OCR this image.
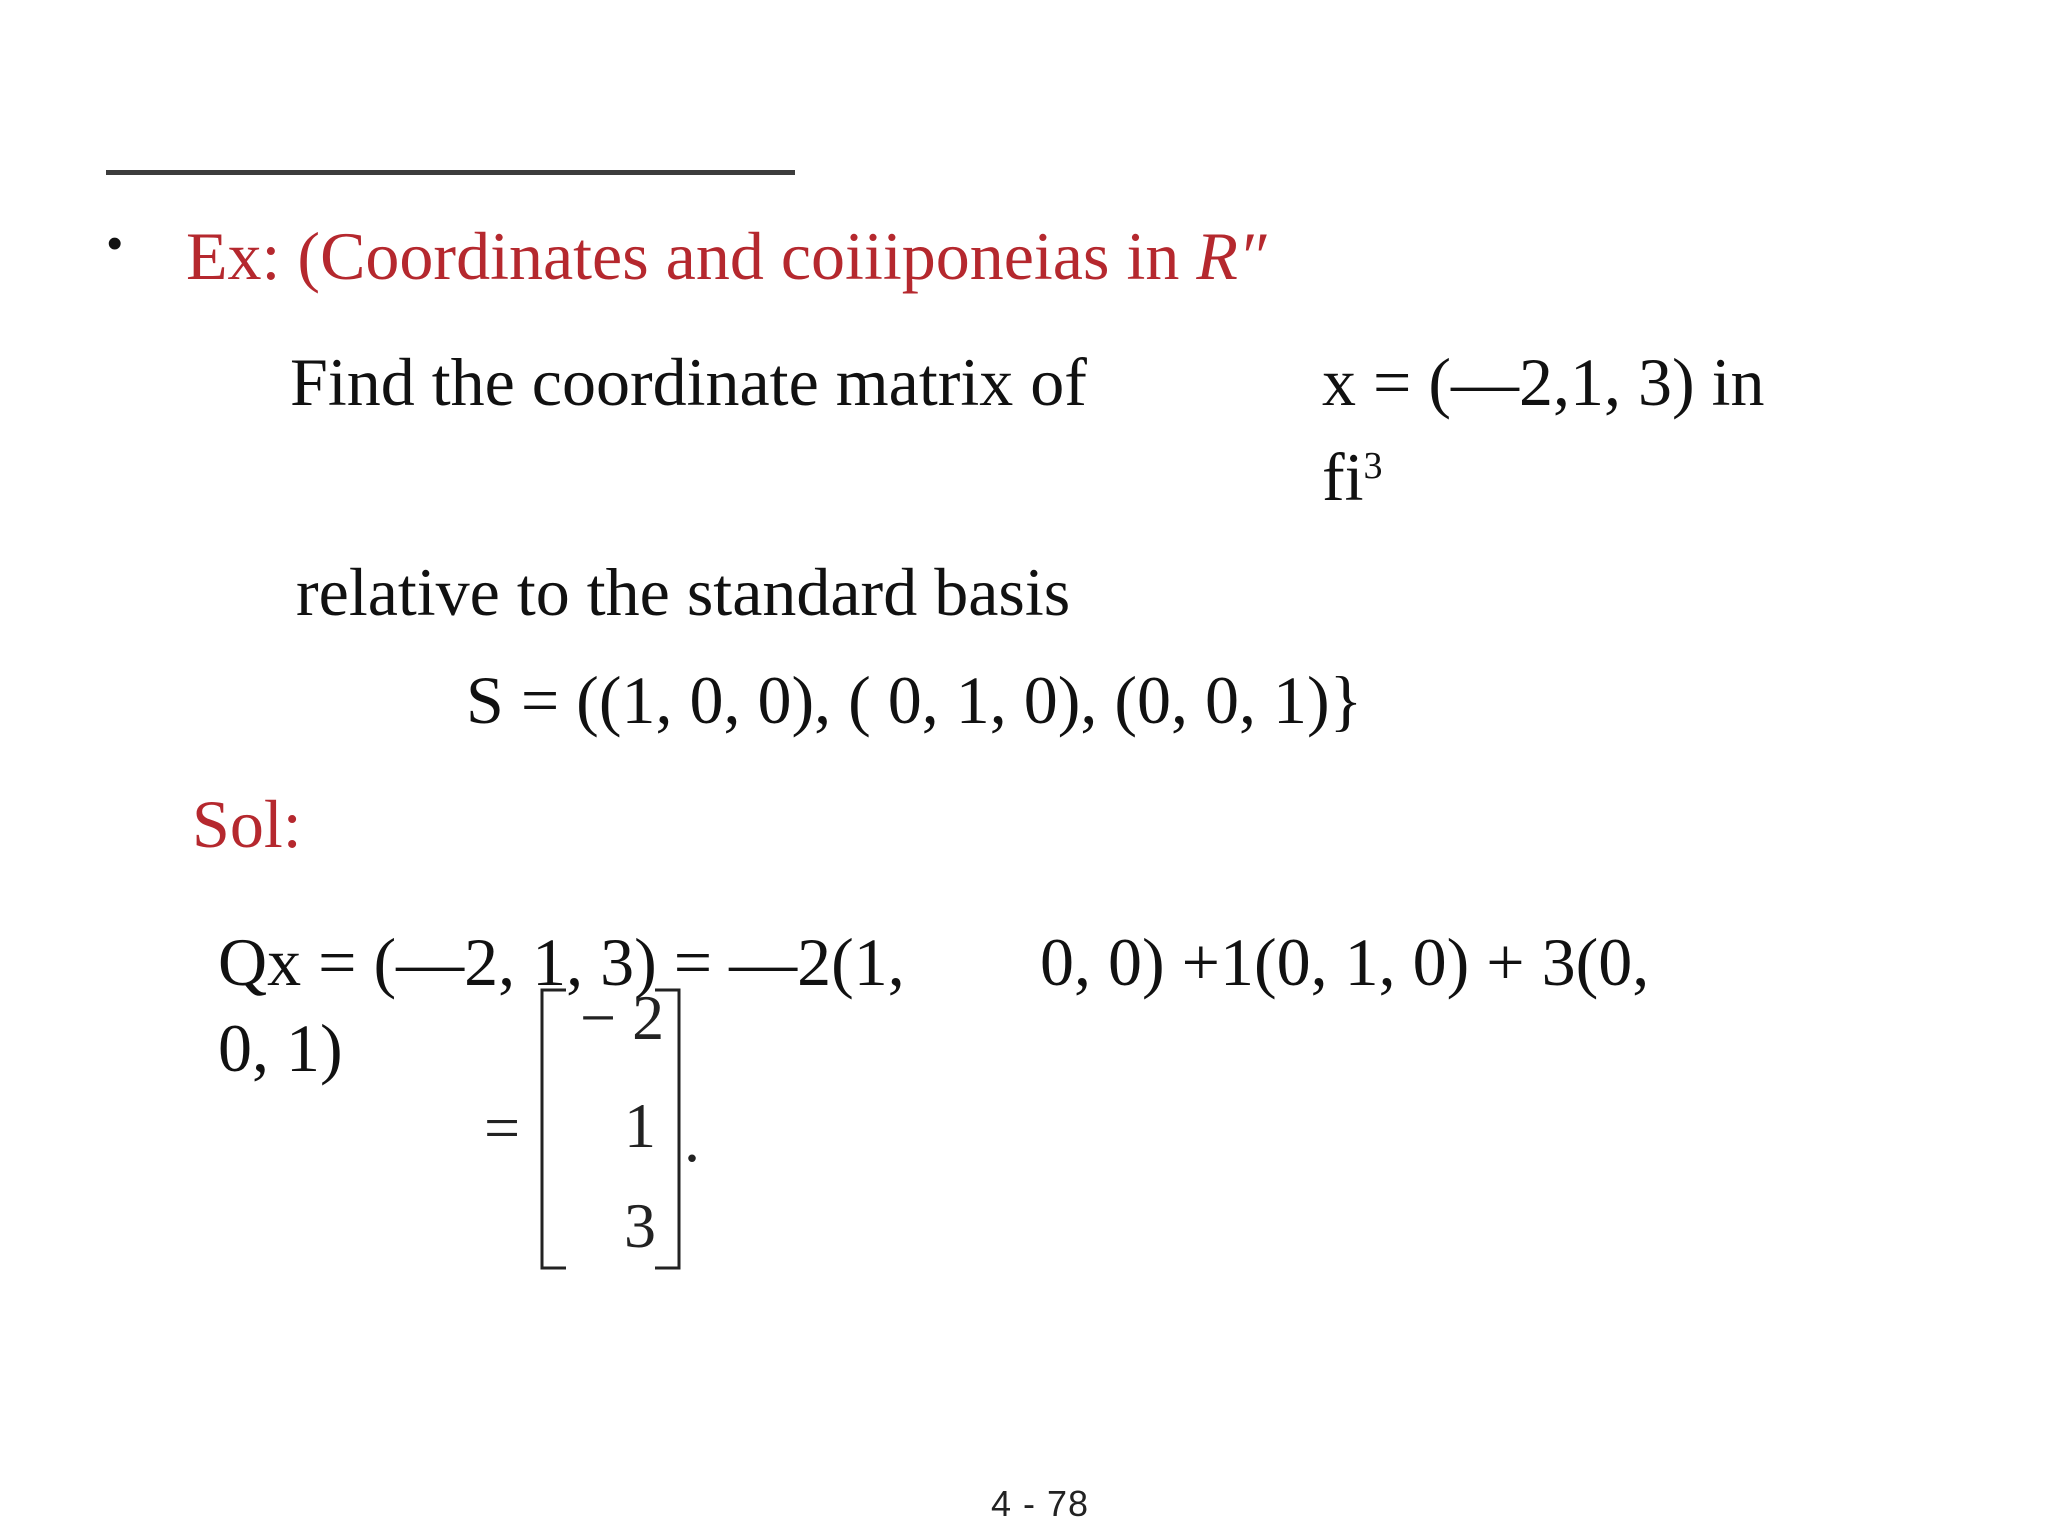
• Ex: (Coordinates and coiiiponeias in R″
Find the coordinate matrix of	x = (—2,1, 3) in
$fi^3$
relative to the standard basis
S = ((1, 0, 0), ( 0, 1, 0), (0, 0, 1)}
Sol:
Qx = (—2, 1, 3) = —2(1, 0, 0) +1(0, 1, 0) + 3(0,
0, 1)
=
− 2
1
3
.
4 - 78
